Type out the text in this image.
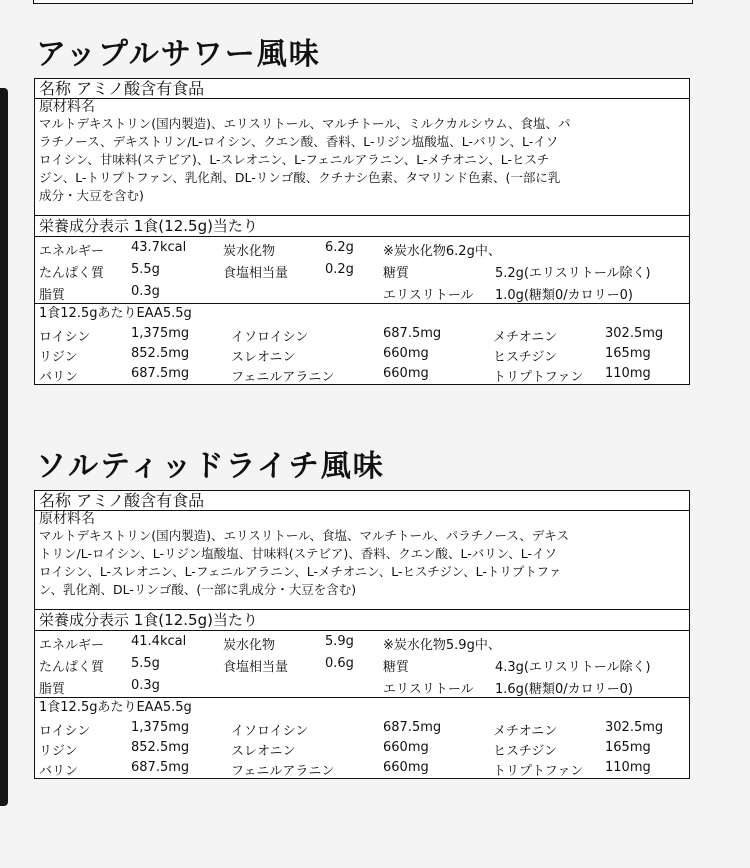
アップルサワー風味
名称 アミノ酸含有食品
原材料名
マルトデキストリン(国内製造)、エリスリトール、マルチトール、ミルクカルシウム、食塩、パ
ラチノース、デキストリン/L-ロイシン、クエン酸、香料、L-リジン塩酸塩、L-バリン、L-イソ
ロイシン、甘味料(ステビア)、L-スレオニン、L-フェニルアラニン、L-メチオニン、L-ヒスチ
ジン、L-トリプトファン、乳化剤、DL-リンゴ酸、クチナシ色素、タマリンド色素、(一部に乳
成分・大豆を含む)
栄養成分表示 1食(12.5g)当たり
エネルギー 43.7kcal	炭水化物	6.2g ※炭水化物6.2g中、
たんぱく質 5.5g	食塩相当量	0.2g 糖質	5.2g(エリスリトール除く)
脂質	0.3g	エリスリトール 1.0g(糖類0/カロリー0)
1食12.5gあたりEAA5.5g
ロイシン	1,375mg	イソロイシン	687.5mg	メチオニン	302.5mg
リジン	852.5mg	スレオニン	660mg	ヒスチジン	165mg
バリン	687.5mg	フェニルアラニン	660mg	トリプトファン 110mg
ソルティッドライチ風味
名称 アミノ酸含有食品
原材料名
マルトデキストリン(国内製造)、エリスリトール、食塩、マルチトール、パラチノース、デキス
トリン/L-ロイシン、L-リジン塩酸塩、甘味料(ステビア)、香料、クエン酸、L-バリン、L-イソ
ロイシン、L-スレオニン、L-フェニルアラニン、L-メチオニン、L-ヒスチジン、L-トリプトファ
ン、乳化剤、DL-リンゴ酸、(一部に乳成分・大豆を含む)
栄養成分表示 1食(12.5g)当たり
エネルギー 41.4kcal	炭水化物	5.9g ※炭水化物5.9g中、
たんぱく質 5.5g	食塩相当量	0.6g 糖質	4.3g(エリスリトール除く)
脂質	0.3g	エリスリトール 1.6g(糖類0/カロリー0)
1食12.5gあたりEAA5.5g
ロイシン	1,375mg	イソロイシン	687.5mg	メチオニン	302.5mg
リジン	852.5mg	スレオニン	660mg	ヒスチジン	165mg
バリン	687.5mg	フェニルアラニン	660mg	トリプトファン 110mg
